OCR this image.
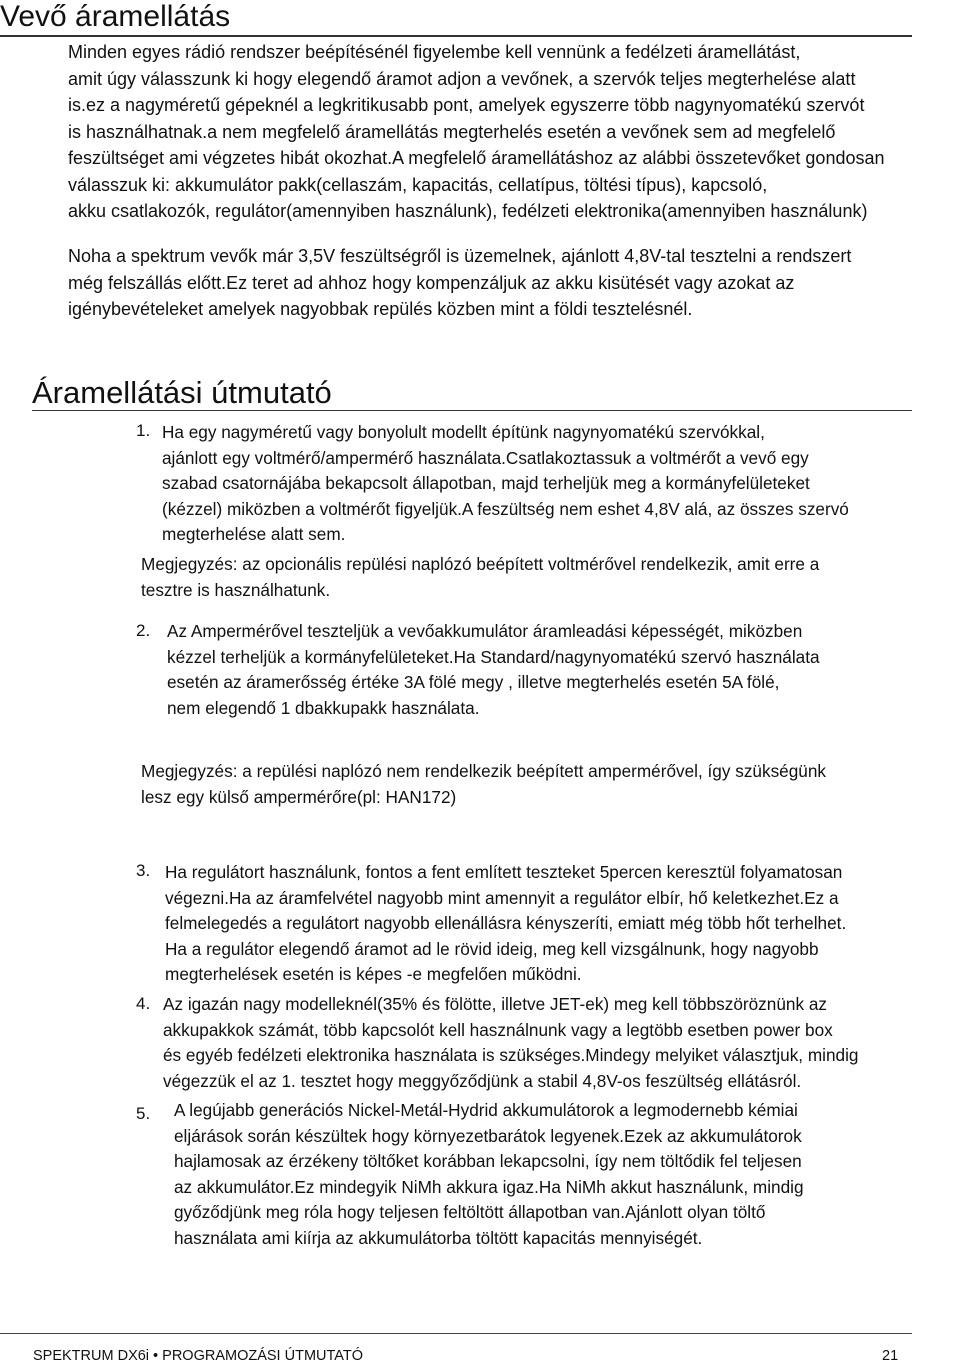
Vevő áramellátás
Minden egyes rádió rendszer beépítésénél figyelembe kell vennünk a fedélzeti áramellátást,
amit úgy válasszunk ki hogy elegendő áramot adjon a vevőnek, a szervók teljes megterhelése alatt
is.ez a nagyméretű gépeknél a legkritikusabb pont, amelyek egyszerre több nagynyomatékú szervót
is használhatnak.a nem megfelelő áramellátás megterhelés esetén a vevőnek sem ad megfelelő
feszültséget ami végzetes hibát okozhat.A megfelelő áramellátáshoz az alábbi összetevőket gondosan
válasszuk ki: akkumulátor pakk(cellaszám, kapacitás, cellatípus, töltési típus), kapcsoló,
akku csatlakozók, regulátor(amennyiben használunk), fedélzeti elektronika(amennyiben használunk)
Noha a spektrum vevők már 3,5V feszültségről is üzemelnek, ajánlott 4,8V-tal tesztelni a rendszert
még felszállás előtt.Ez teret ad ahhoz hogy kompenzáljuk az akku kisütését vagy azokat az
igénybevételeket amelyek nagyobbak repülés közben mint a földi tesztelésnél.
Áramellátási útmutató
1. Ha egy nagyméretű vagy bonyolult modellt építünk nagynyomatékú szervókkal,
ajánlott egy voltmérő/ampermérő használata.Csatlakoztassuk a voltmérőt a vevő egy
szabad csatornájába bekapcsolt állapotban, majd terheljük meg a kormányfelületeket
(kézzel) miközben a voltmérőt figyeljük.A feszültség nem eshet 4,8V alá, az összes szervó
megterhelése alatt sem.
Megjegyzés: az opcionális repülési naplózó beépített voltmérővel rendelkezik, amit erre a
tesztre is használhatunk.
2. Az Ampermérővel teszteljük a vevőakkumulátor áramleadási képességét, miközben
kézzel terheljük a kormányfelületeket.Ha Standard/nagynyomatékú szervó használata
esetén az áramerősség értéke 3A fölé megy , illetve megterhelés esetén 5A fölé,
nem elegendő 1 dbakkupakk használata.
Megjegyzés: a repülési naplózó nem rendelkezik beépített ampermérővel, így szükségünk
lesz egy külső ampermérőre(pl: HAN172)
3. Ha regulátort használunk, fontos a fent említett teszteket 5percen keresztül folyamatosan
végezni.Ha az áramfelvétel nagyobb mint amennyit a regulátor elbír, hő keletkezhet.Ez a
felmelegedés a regulátort nagyobb ellenállásra kényszeríti, emiatt még több hőt terhelhet.
Ha a regulátor elegendő áramot ad le rövid ideig, meg kell vizsgálnunk, hogy nagyobb
megterhelések esetén is képes -e megfelően működni.
4. Az igazán nagy modelleknél(35% és fölötte, illetve JET-ek) meg kell többszöröznünk az
akkupakkok számát, több kapcsolót kell használnunk vagy a legtöbb esetben power box
és egyéb fedélzeti elektronika használata is szükséges.Mindegy melyiket választjuk, mindig
végezzük el az 1. tesztet hogy meggyőződjünk a stabil 4,8V-os feszültség ellátásról.
5. A legújabb generációs Nickel-Metál-Hydrid akkumulátorok a legmodernebb kémiai
eljárások során készültek hogy környezetbarátok legyenek.Ezek az akkumulátorok
hajlamosak az érzékeny töltőket korábban lekapcsolni, így nem töltődik fel teljesen
az akkumulátor.Ez mindegyik NiMh akkura igaz.Ha NiMh akkut használunk, mindig
győződjünk meg róla hogy teljesen feltöltött állapotban van.Ajánlott olyan töltő
használata ami kiírja az akkumulátorba töltött kapacitás mennyiségét.
SPEKTRUM DX6i • PROGRAMOZÁSI ÚTMUTATÓ	21
